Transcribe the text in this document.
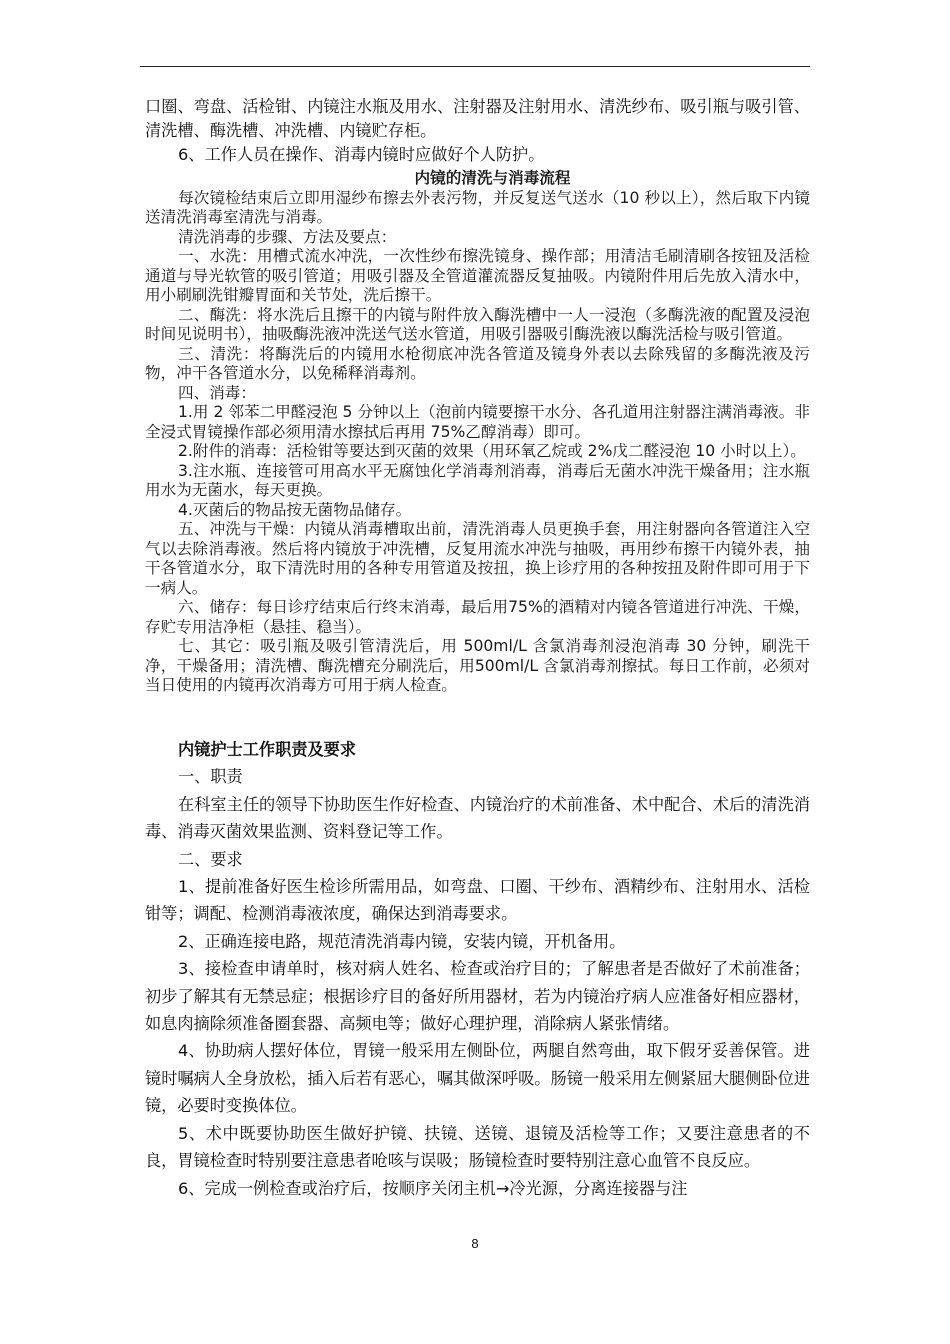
口圈、弯盘、活检钳、内镜注水瓶及用水、注射器及注射用水、清洗纱布、吸引瓶与吸引管、清洗槽、酶洗槽、冲洗槽、内镜贮存柜。

6、工作人员在操作、消毒内镜时应做好个人防护。

内镜的清洗与消毒流程

每次镜检结束后立即用湿纱布擦去外表污物，并反复送气送水（10 秒以上），然后取下内镜送清洗消毒室清洗与消毒。

清洗消毒的步骤、方法及要点：

一、水洗：用槽式流水冲洗，一次性纱布擦洗镜身、操作部；用清洁毛刷清刷各按钮及活检通道与导光软管的吸引管道；用吸引器及全管道灌流器反复抽吸。内镜附件用后先放入清水中，用小刷刷洗钳瓣胃面和关节处，洗后擦干。

二、酶洗：将水洗后且擦干的内镜与附件放入酶洗槽中一人一浸泡（多酶洗液的配置及浸泡时间见说明书），抽吸酶洗液冲洗送气送水管道，用吸引器吸引酶洗液以酶洗活检与吸引管道。

三、清洗：将酶洗后的内镜用水枪彻底冲洗各管道及镜身外表以去除残留的多酶洗液及污物，冲干各管道水分，以免稀释消毒剂。

四、消毒：

1.用 2 邻苯二甲醛浸泡 5 分钟以上（泡前内镜要擦干水分、各孔道用注射器注满消毒液。非全浸式胃镜操作部必须用清水擦拭后再用 75%乙醇消毒）即可。

2.附件的消毒：活检钳等要达到灭菌的效果（用环氧乙烷或 2%戊二醛浸泡 10 小时以上）。

3.注水瓶、连接管可用高水平无腐蚀化学消毒剂消毒，消毒后无菌水冲洗干燥备用；注水瓶用水为无菌水，每天更换。

4.灭菌后的物品按无菌物品储存。

五、冲洗与干燥：内镜从消毒槽取出前，清洗消毒人员更换手套，用注射器向各管道注入空气以去除消毒液。然后将内镜放于冲洗槽，反复用流水冲洗与抽吸，再用纱布擦干内镜外表，抽干各管道水分，取下清洗时用的各种专用管道及按扭，换上诊疗用的各种按扭及附件即可用于下一病人。

六、储存：每日诊疗结束后行终末消毒，最后用75%的酒精对内镜各管道进行冲洗、干燥，存贮专用洁净柜（悬挂、稳当）。

七、其它：吸引瓶及吸引管清洗后，用 500ml/L 含氯消毒剂浸泡消毒 30 分钟，刷洗干净，干燥备用；清洗槽、酶洗槽充分刷洗后，用500ml/L 含氯消毒剂擦拭。每日工作前，必须对当日使用的内镜再次消毒方可用于病人检查。

内镜护士工作职责及要求

一、职责

在科室主任的领导下协助医生作好检查、内镜治疗的术前准备、术中配合、术后的清洗消毒、消毒灭菌效果监测、资料登记等工作。

二、要求

1、提前准备好医生检诊所需用品，如弯盘、口圈、干纱布、酒精纱布、注射用水、活检钳等；调配、检测消毒液浓度，确保达到消毒要求。

2、正确连接电路，规范清洗消毒内镜，安装内镜，开机备用。

3、接检查申请单时，核对病人姓名、检查或治疗目的；了解患者是否做好了术前准备；初步了解其有无禁忌症；根据诊疗目的备好所用器材，若为内镜治疗病人应准备好相应器材，如息肉摘除须准备圈套器、高频电等；做好心理护理，消除病人紧张情绪。

4、协助病人摆好体位，胃镜一般采用左侧卧位，两腿自然弯曲，取下假牙妥善保管。进镜时嘱病人全身放松，插入后若有恶心，嘱其做深呼吸。肠镜一般采用左侧紧屈大腿侧卧位进镜，必要时变换体位。

5、术中既要协助医生做好护镜、扶镜、送镜、退镜及活检等工作；又要注意患者的不良，胃镜检查时特别要注意患者呛咳与误吸；肠镜检查时要特别注意心血管不良反应。

6、完成一例检查或治疗后，按顺序关闭主机→冷光源，分离连接器与注

8
